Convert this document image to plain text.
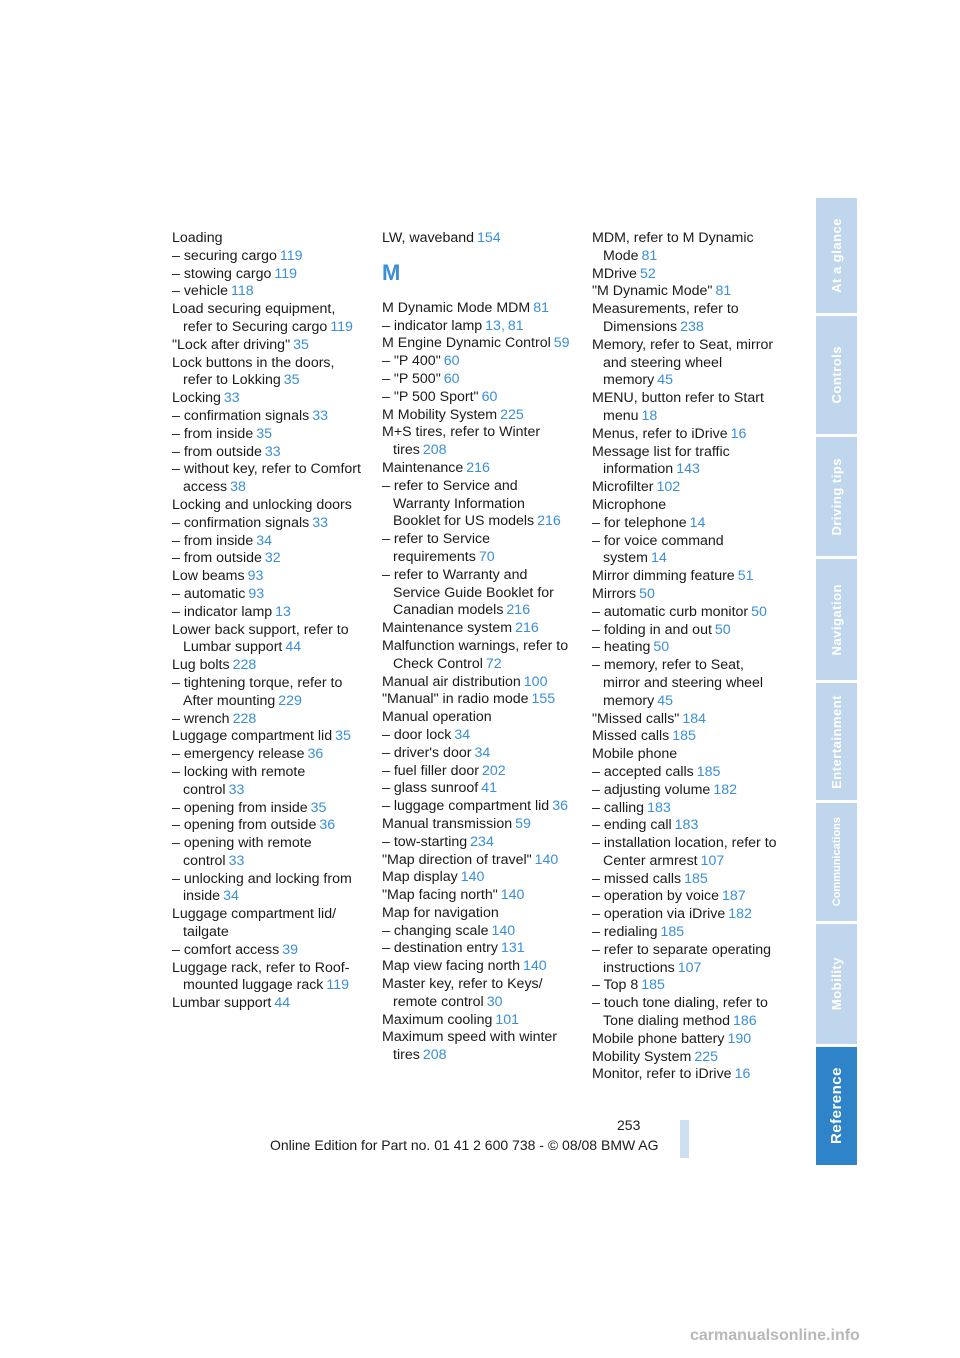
Loading
– securing cargo 119
– stowing cargo 119
– vehicle 118
Load securing equipment, refer to Securing cargo 119
"Lock after driving" 35
Lock buttons in the doors, refer to Lokking 35
Locking 33
– confirmation signals 33
– from inside 35
– from outside 33
– without key, refer to Comfort access 38
Locking and unlocking doors
– confirmation signals 33
– from inside 34
– from outside 32
Low beams 93
– automatic 93
– indicator lamp 13
Lower back support, refer to Lumbar support 44
Lug bolts 228
– tightening torque, refer to After mounting 229
– wrench 228
Luggage compartment lid 35
– emergency release 36
– locking with remote control 33
– opening from inside 35
– opening from outside 36
– opening with remote control 33
– unlocking and locking from inside 34
Luggage compartment lid/ tailgate
– comfort access 39
Luggage rack, refer to Roof-mounted luggage rack 119
Lumbar support 44
LW, waveband 154
M
M Dynamic Mode MDM 81
– indicator lamp 13, 81
M Engine Dynamic Control 59
– "P 400" 60
– "P 500" 60
– "P 500 Sport" 60
M Mobility System 225
M+S tires, refer to Winter tires 208
Maintenance 216
– refer to Service and Warranty Information Booklet for US models 216
– refer to Service requirements 70
– refer to Warranty and Service Guide Booklet for Canadian models 216
Maintenance system 216
Malfunction warnings, refer to Check Control 72
Manual air distribution 100
"Manual" in radio mode 155
Manual operation
– door lock 34
– driver's door 34
– fuel filler door 202
– glass sunroof 41
– luggage compartment lid 36
Manual transmission 59
– tow-starting 234
"Map direction of travel" 140
Map display 140
"Map facing north" 140
Map for navigation
– changing scale 140
– destination entry 131
Map view facing north 140
Master key, refer to Keys/ remote control 30
Maximum cooling 101
Maximum speed with winter tires 208
MDM, refer to M Dynamic Mode 81
MDrive 52
"M Dynamic Mode" 81
Measurements, refer to Dimensions 238
Memory, refer to Seat, mirror and steering wheel memory 45
MENU, button refer to Start menu 18
Menus, refer to iDrive 16
Message list for traffic information 143
Microfilter 102
Microphone
– for telephone 14
– for voice command system 14
Mirror dimming feature 51
Mirrors 50
– automatic curb monitor 50
– folding in and out 50
– heating 50
– memory, refer to Seat, mirror and steering wheel memory 45
"Missed calls" 184
Missed calls 185
Mobile phone
– accepted calls 185
– adjusting volume 182
– calling 183
– ending call 183
– installation location, refer to Center armrest 107
– missed calls 185
– operation by voice 187
– operation via iDrive 182
– redialing 185
– refer to separate operating instructions 107
– Top 8 185
– touch tone dialing, refer to Tone dialing method 186
Mobile phone battery 190
Mobility System 225
Monitor, refer to iDrive 16
At a glance
Controls
Driving tips
Navigation
Entertainment
Communications
Mobility
Reference
253
Online Edition for Part no. 01 41 2 600 738 - © 08/08 BMW AG
carmanualsonline.info
